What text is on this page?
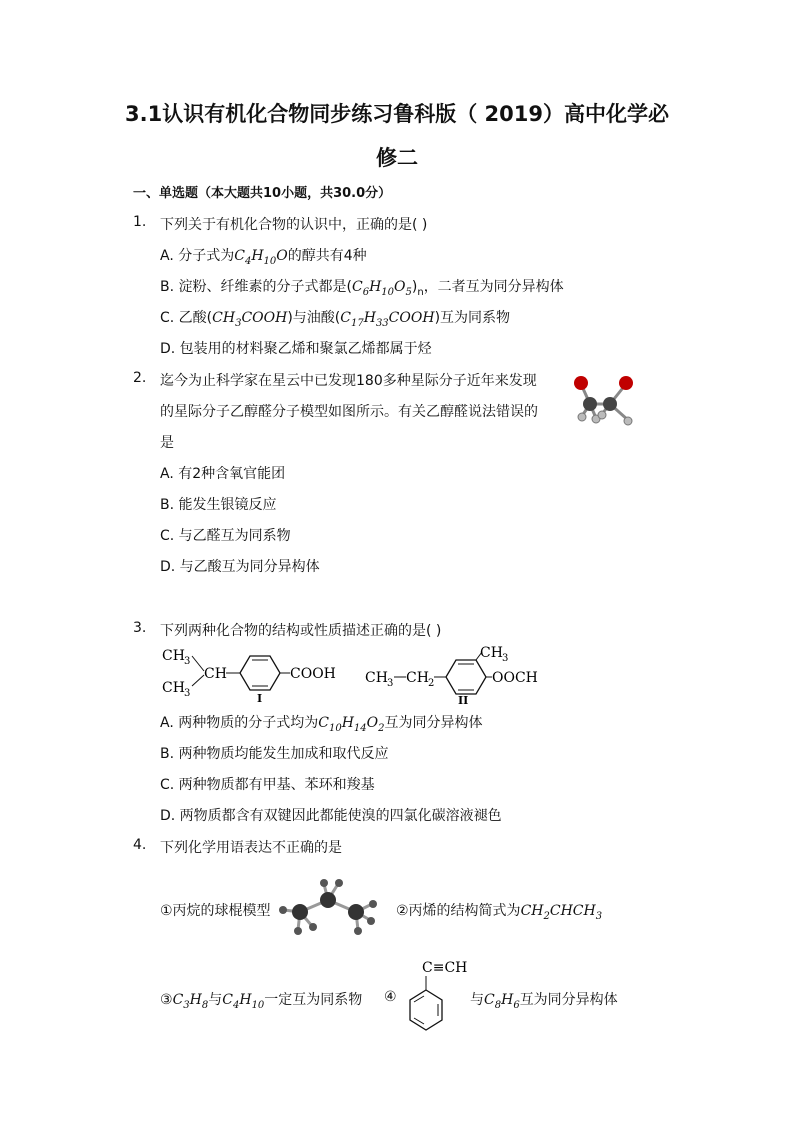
3.1认识有机化合物同步练习鲁科版（ 2019）高中化学必
修二
一、单选题（本大题共10小题，共30.0分）
1. 下列关于有机化合物的认识中，正确的是( )
A. 分子式为$C_4H_{10}O$的醇共有4种
B. 淀粉、纤维素的分子式都是$(C_6H_{10}O_5)_n$，二者互为同分异构体
C. 乙酸$(CH_3COOH)$与油酸$(C_{17}H_{33}COOH)$互为同系物
D. 包装用的材料聚乙烯和聚氯乙烯都属于烃
2. 迄今为止科学家在星云中已发现180多种星际分子近年来发现
的星际分子乙醇醛分子模型如图所示。有关乙醇醛说法错误的
是
A. 有2种含氧官能团
B. 能发生银镜反应
C. 与乙醛互为同系物
D. 与乙酸互为同分异构体
3. 下列两种化合物的结构或性质描述正确的是( )
CH 3
CH 3
CH	COOH
I
CH 3 CH 2
CH 3
OOCH
II
A. 两种物质的分子式均为$C_{10}H_{14}O_2$互为同分异构体
B. 两种物质均能发生加成和取代反应
C. 两种物质都有甲基、苯环和羧基
D. 两物质都含有双键因此都能使溴的四氯化碳溶液褪色
4. 下列化学用语表达不正确的是
①丙烷的球棍模型	②丙烯的结构简式为$CH_2CHCH_3$
$③C_3H_8$与$C_4H_{10}$一定互为同系物 ④
C≡CH
与$C_8H_6$互为同分异构体
